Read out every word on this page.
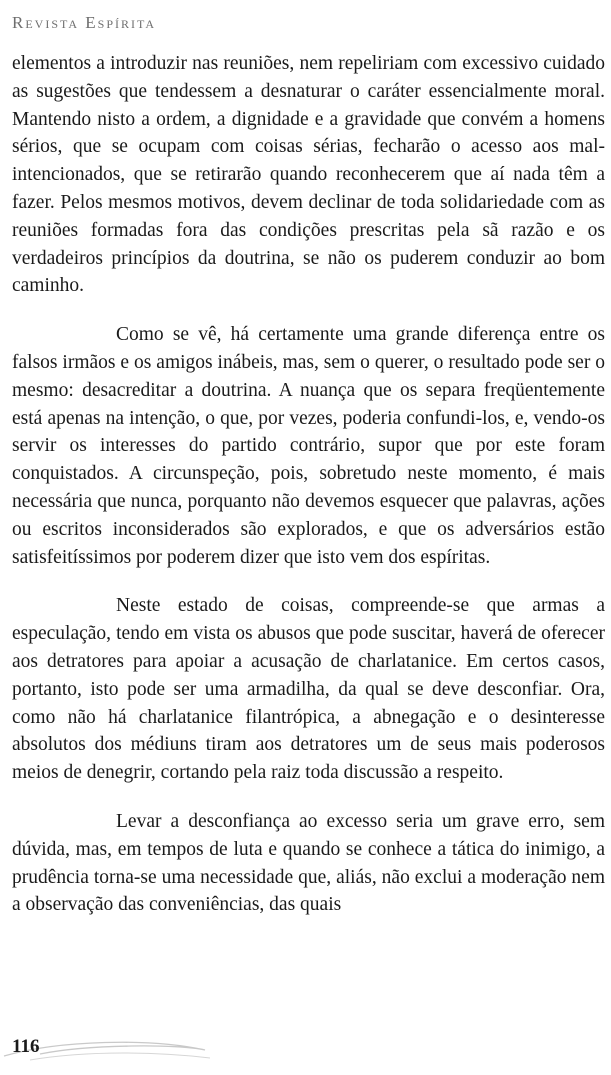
Revista Espírita

elementos a introduzir nas reuniões, nem repeliriam com excessivo cuidado as sugestões que tendessem a desnaturar o caráter essencialmente moral. Mantendo nisto a ordem, a dignidade e a gravidade que convém a homens sérios, que se ocupam com coisas sérias, fecharão o acesso aos mal-intencionados, que se retirarão quando reconhecerem que aí nada têm a fazer. Pelos mesmos motivos, devem declinar de toda solidariedade com as reuniões formadas fora das condições prescritas pela sã razão e os verdadeiros princípios da doutrina, se não os puderem conduzir ao bom caminho.

Como se vê, há certamente uma grande diferença entre os falsos irmãos e os amigos inábeis, mas, sem o querer, o resultado pode ser o mesmo: desacreditar a doutrina. A nuança que os separa freqüentemente está apenas na intenção, o que, por vezes, poderia confundi-los, e, vendo-os servir os interesses do partido contrário, supor que por este foram conquistados. A circunspeção, pois, sobretudo neste momento, é mais necessária que nunca, porquanto não devemos esquecer que palavras, ações ou escritos inconsiderados são explorados, e que os adversários estão satisfeitíssimos por poderem dizer que isto vem dos espíritas.

Neste estado de coisas, compreende-se que armas a especulação, tendo em vista os abusos que pode suscitar, haverá de oferecer aos detratores para apoiar a acusação de charlatanice. Em certos casos, portanto, isto pode ser uma armadilha, da qual se deve desconfiar. Ora, como não há charlatanice filantrópica, a abnegação e o desinteresse absolutos dos médiuns tiram aos detratores um de seus mais poderosos meios de denegrir, cortando pela raiz toda discussão a respeito.

Levar a desconfiança ao excesso seria um grave erro, sem dúvida, mas, em tempos de luta e quando se conhece a tática do inimigo, a prudência torna-se uma necessidade que, aliás, não exclui a moderação nem a observação das conveniências, das quais

116
